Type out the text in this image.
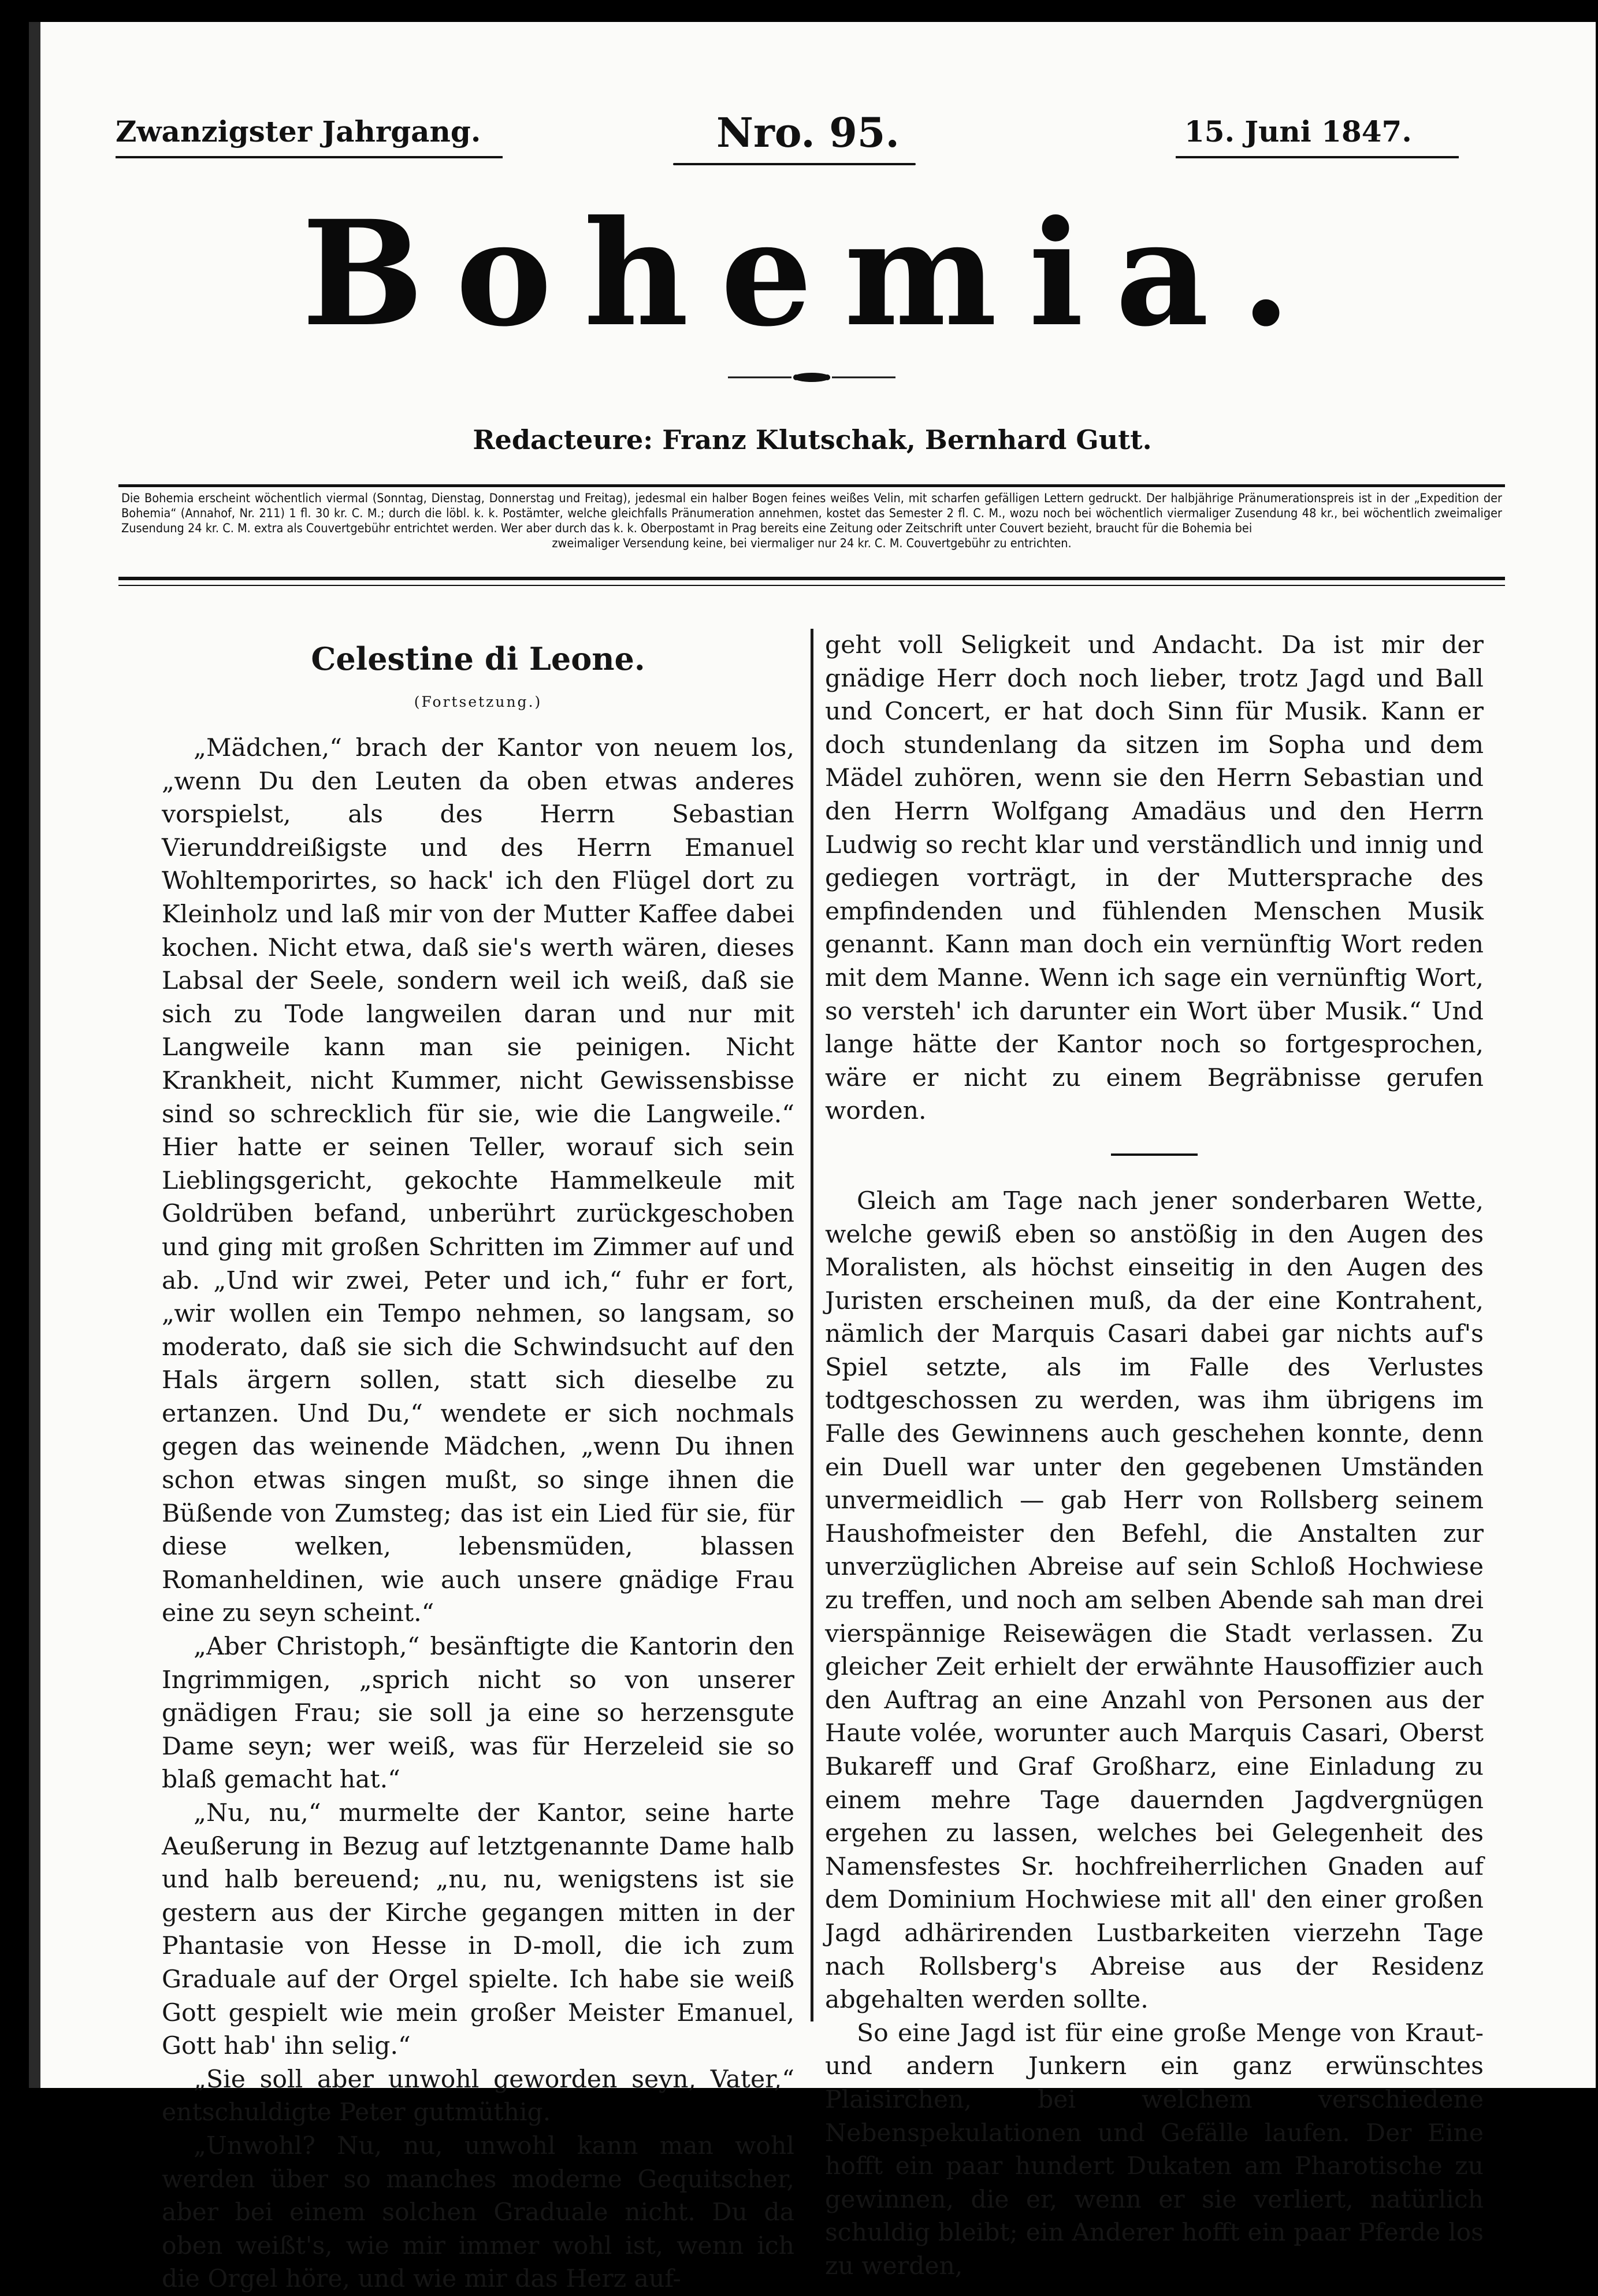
Zwanzigster Jahrgang.	Nro. 95.	15. Juni 1847.
Bohemia.
Redacteure: Franz Klutschak, Bernhard Gutt.
Die Bohemia erscheint wöchentlich viermal (Sonntag, Dienstag, Donnerstag und Freitag), jedesmal ein halber Bogen feines weißes Velin, mit scharfen gefälligen Lettern gedruckt. Der halbjährige Pränumerationspreis ist in der „Expedition der Bohemia“ (Annahof, Nr. 211) 1 fl. 30 kr. C. M.; durch die löbl. k. k. Postämter, welche gleichfalls Pränumeration annehmen, kostet das Semester 2 fl. C. M., wozu noch bei wöchentlich viermaliger Zusendung 48 kr., bei wöchentlich zweimaliger Zusendung 24 kr. C. M. extra als Couvertgebühr entrichtet werden. Wer aber durch das k. k. Oberpostamt in Prag bereits eine Zeitung oder Zeitschrift unter Couvert bezieht, braucht für die Bohemia bei
zweimaliger Versendung keine, bei viermaliger nur 24 kr. C. M. Couvertgebühr zu entrichten.

Celestine di Leone.

(Fortsetzung.)

„Mädchen,“ brach der Kantor von neuem los, „wenn Du den Leuten da oben etwas anderes vorspielst, als des Herrn Sebastian Vierunddreißigste und des Herrn Emanuel Wohltemporirtes, so hack' ich den Flügel dort zu Kleinholz und laß mir von der Mutter Kaffee dabei kochen. Nicht etwa, daß sie's werth wären, dieses Labsal der Seele, sondern weil ich weiß, daß sie sich zu Tode langweilen daran und nur mit Langweile kann man sie peinigen. Nicht Krankheit, nicht Kummer, nicht Gewissensbisse sind so schrecklich für sie, wie die Langweile.“ Hier hatte er seinen Teller, worauf sich sein Lieblingsgericht, gekochte Hammelkeule mit Goldrüben befand, unberührt zurückgeschoben und ging mit großen Schritten im Zimmer auf und ab. „Und wir zwei, Peter und ich,“ fuhr er fort, „wir wollen ein Tempo nehmen, so langsam, so moderato, daß sie sich die Schwindsucht auf den Hals ärgern sollen, statt sich dieselbe zu ertanzen. Und Du,“ wendete er sich nochmals gegen das weinende Mädchen, „wenn Du ihnen schon etwas singen mußt, so singe ihnen die Büßende von Zumsteg; das ist ein Lied für sie, für diese welken, lebensmüden, blassen Romanheldinen, wie auch unsere gnädige Frau eine zu seyn scheint.“

„Aber Christoph,“ besänftigte die Kantorin den Ingrimmigen, „sprich nicht so von unserer gnädigen Frau; sie soll ja eine so herzensgute Dame seyn; wer weiß, was für Herzeleid sie so blaß gemacht hat.“

„Nu, nu,“ murmelte der Kantor, seine harte Aeußerung in Bezug auf letztgenannte Dame halb und halb bereuend; „nu, nu, wenigstens ist sie gestern aus der Kirche gegangen mitten in der Phantasie von Hesse in D-moll, die ich zum Graduale auf der Orgel spielte. Ich habe sie weiß Gott gespielt wie mein großer Meister Emanuel, Gott hab' ihn selig.“

„Sie soll aber unwohl geworden seyn, Vater,“ entschuldigte Peter gutmüthig.

„Unwohl? Nu, nu, unwohl kann man wohl werden über so manches moderne Gequitscher, aber bei einem solchen Graduale nicht. Du da oben weißt's, wie mir immer wohl ist, wenn ich die Orgel höre, und wie mir das Herz auf-

geht voll Seligkeit und Andacht. Da ist mir der gnädige Herr doch noch lieber, trotz Jagd und Ball und Concert, er hat doch Sinn für Musik. Kann er doch stundenlang da sitzen im Sopha und dem Mädel zuhören, wenn sie den Herrn Sebastian und den Herrn Wolfgang Amadäus und den Herrn Ludwig so recht klar und verständlich und innig und gediegen vorträgt, in der Muttersprache des empfindenden und fühlenden Menschen Musik genannt. Kann man doch ein vernünftig Wort reden mit dem Manne. Wenn ich sage ein vernünftig Wort, so versteh' ich darunter ein Wort über Musik.“ Und lange hätte der Kantor noch so fortgesprochen, wäre er nicht zu einem Begräbnisse gerufen worden.

Gleich am Tage nach jener sonderbaren Wette, welche gewiß eben so anstößig in den Augen des Moralisten, als höchst einseitig in den Augen des Juristen erscheinen muß, da der eine Kontrahent, nämlich der Marquis Casari dabei gar nichts auf's Spiel setzte, als im Falle des Verlustes todtgeschossen zu werden, was ihm übrigens im Falle des Gewinnens auch geschehen konnte, denn ein Duell war unter den gegebenen Umständen unvermeidlich — gab Herr von Rollsberg seinem Haushofmeister den Befehl, die Anstalten zur unverzüglichen Abreise auf sein Schloß Hochwiese zu treffen, und noch am selben Abende sah man drei vierspännige Reisewägen die Stadt verlassen. Zu gleicher Zeit erhielt der erwähnte Hausoffizier auch den Auftrag an eine Anzahl von Personen aus der Haute volée, worunter auch Marquis Casari, Oberst Bukareff und Graf Großharz, eine Einladung zu einem mehre Tage dauernden Jagdvergnügen ergehen zu lassen, welches bei Gelegenheit des Namensfestes Sr. hochfreiherrlichen Gnaden auf dem Dominium Hochwiese mit all' den einer großen Jagd adhärirenden Lustbarkeiten vierzehn Tage nach Rollsberg's Abreise aus der Residenz abgehalten werden sollte.

So eine Jagd ist für eine große Menge von Kraut- und andern Junkern ein ganz erwünschtes Plaisirchen, bei welchem verschiedene Nebenspekulationen und Gefälle laufen. Der Eine hofft ein paar hundert Dukaten am Pharotische zu gewinnen, die er, wenn er sie verliert, natürlich schuldig bleibt; ein Anderer hofft ein paar Pferde los zu werden,
